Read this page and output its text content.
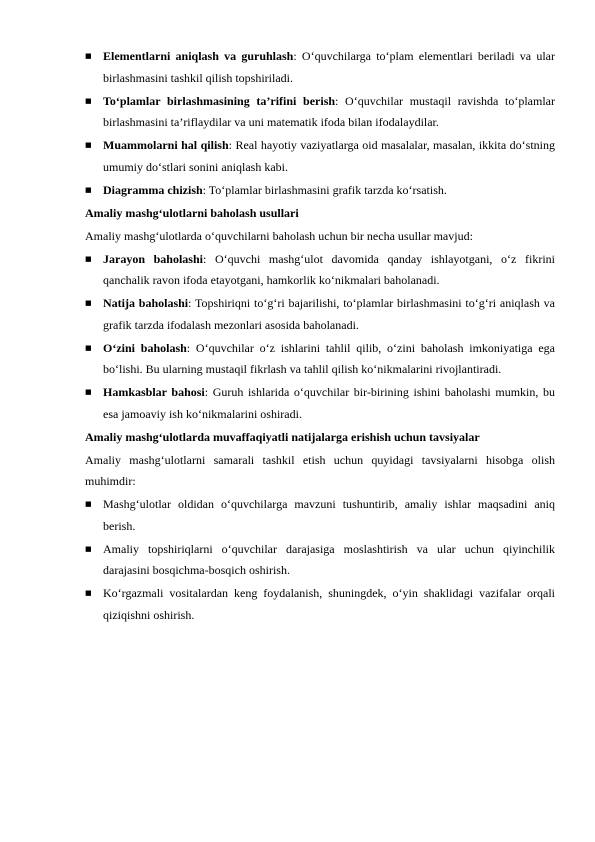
■ Elementlarni aniqlash va guruhlash: O‘quvchilarga to‘plam elementlari beriladi va ular birlashmasini tashkil qilish topshiriladi.
■ To‘plamlar birlashmasining ta’rifini berish: O‘quvchilar mustaqil ravishda to‘plamlar birlashmasini ta’riflaydilar va uni matematik ifoda bilan ifodalaydilar.
■ Muammolarni hal qilish: Real hayotiy vaziyatlarga oid masalalar, masalan, ikkita do‘stning umumiy do‘stlari sonini aniqlash kabi.
■ Diagramma chizish: To‘plamlar birlashmasini grafik tarzda ko‘rsatish.
Amaliy mashg‘ulotlarni baholash usullari
Amaliy mashg‘ulotlarda o‘quvchilarni baholash uchun bir necha usullar mavjud:
■ Jarayon baholashi: O‘quvchi mashg‘ulot davomida qanday ishlayotgani, o‘z fikrini qanchalik ravon ifoda etayotgani, hamkorlik ko‘nikmalari baholanadi.
■ Natija baholashi: Topshiriqni to‘g‘ri bajarilishi, to‘plamlar birlashmasini to‘g‘ri aniqlash va grafik tarzda ifodalash mezonlari asosida baholanadi.
■ O‘zini baholash: O‘quvchilar o‘z ishlarini tahlil qilib, o‘zini baholash imkoniyatiga ega bo‘lishi. Bu ularning mustaqil fikrlash va tahlil qilish ko‘nikmalarini rivojlantiradi.
■ Hamkasblar bahosi: Guruh ishlarida o‘quvchilar bir-birining ishini baholashi mumkin, bu esa jamoaviy ish ko‘nikmalarini oshiradi.
Amaliy mashg‘ulotlarda muvaffaqiyatli natijalarga erishish uchun tavsiyalar
Amaliy mashg‘ulotlarni samarali tashkil etish uchun quyidagi tavsiyalarni hisobga olish muhimdir:
■ Mashg‘ulotlar oldidan o‘quvchilarga mavzuni tushuntirib, amaliy ishlar maqsadini aniq berish.
■ Amaliy topshiriqlarni o‘quvchilar darajasiga moslashtirish va ular uchun qiyinchilik darajasini bosqichma-bosqich oshirish.
■ Ko‘rgazmali vositalardan keng foydalanish, shuningdek, o‘yin shaklidagi vazifalar orqali qiziqishni oshirish.
